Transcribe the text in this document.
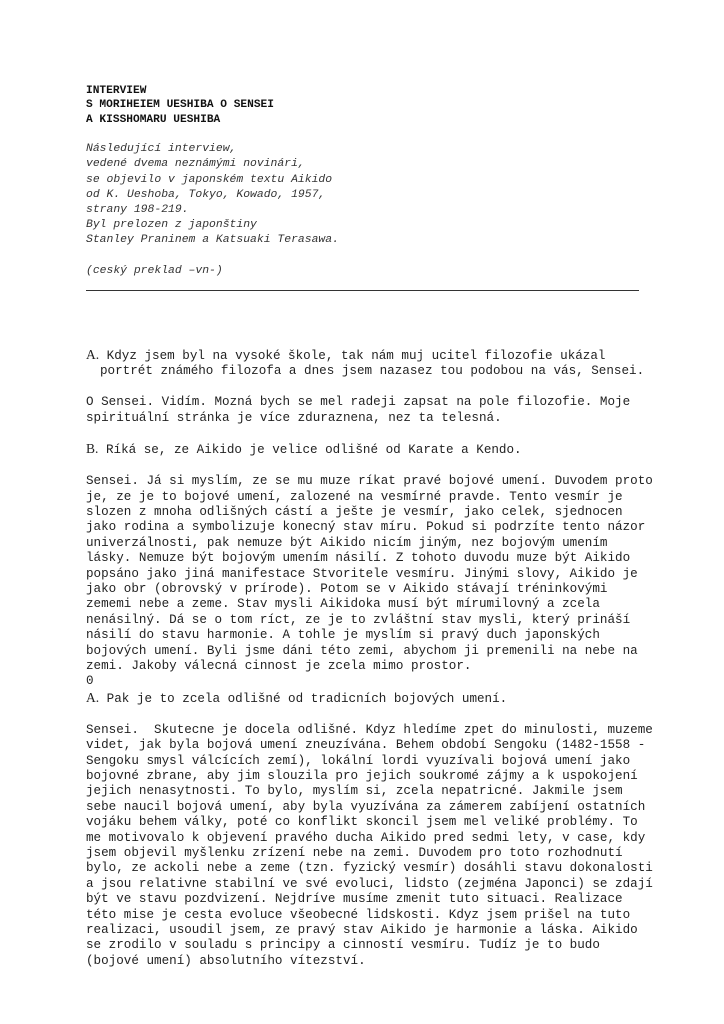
INTERVIEW
S MORIHEIEM UESHIBA O SENSEI
A KISSHOMARU UESHIBA
Následující interview,
vedené dvema neznámými novinári,
se objevilo v japonském textu Aikido
od K. Ueshoba, Tokyo, Kowado, 1957,
strany 198-219.
Byl prelozen z japonštiny
Stanley Praninem a Katsuaki Terasawa.
(ceský preklad –vn-)
A. Kdyz jsem byl na vysoké škole, tak nám muj ucitel filozofie ukázal
portrét známého filozofa a dnes jsem nazasez tou podobou na vás, Sensei.
O Sensei. Vidím. Mozná bych se mel radeji zapsat na pole filozofie. Moje
spirituální stránka je více zduraznena, nez ta telesná.
B. Ríká se, ze Aikido je velice odlišné od Karate a Kendo.
Sensei. Já si myslím, ze se mu muze ríkat pravé bojové umení. Duvodem proto
je, ze je to bojové umení, zalozené na vesmírné pravde. Tento vesmír je
slozen z mnoha odlišných cástí a ješte je vesmír, jako celek, sjednocen
jako rodina a symbolizuje konecný stav míru. Pokud si podrzíte tento názor
univerzálnosti, pak nemuze být Aikido nicím jiným, nez bojovým umením
lásky. Nemuze být bojovým umením násilí. Z tohoto duvodu muze být Aikido
popsáno jako jiná manifestace Stvoritele vesmíru. Jinými slovy, Aikido je
jako obr (obrovský v prírode). Potom se v Aikido stávají tréninkovými
zememi nebe a zeme. Stav mysli Aikidoka musí být mírumilovný a zcela
nenásilný. Dá se o tom ríct, ze je to zvláštní stav mysli, který prináší
násilí do stavu harmonie. A tohle je myslím si pravý duch japonských
bojových umení. Byli jsme dáni této zemi, abychom ji premenili na nebe na
zemi. Jakoby válecná cinnost je zcela mimo prostor.
0
A. Pak je to zcela odlišné od tradicních bojových umení.
Sensei.  Skutecne je docela odlišné. Kdyz hledíme zpet do minulosti, muzeme
videt, jak byla bojová umení zneuzívána. Behem období Sengoku (1482-1558 -
Sengoku smysl válcících zemí), lokální lordi vyuzívali bojová umení jako
bojovné zbrane, aby jim slouzila pro jejich soukromé zájmy a k uspokojení
jejich nenasytnosti. To bylo, myslím si, zcela nepatricné. Jakmile jsem
sebe naucil bojová umení, aby byla vyuzívána za zámerem zabíjení ostatních
vojáku behem války, poté co konflikt skoncil jsem mel veliké problémy. To
me motivovalo k objevení pravého ducha Aikido pred sedmi lety, v case, kdy
jsem objevil myšlenku zrízení nebe na zemi. Duvodem pro toto rozhodnutí
bylo, ze ackoli nebe a zeme (tzn. fyzický vesmír) dosáhli stavu dokonalosti
a jsou relativne stabilní ve své evoluci, lidsto (zejména Japonci) se zdají
být ve stavu pozdvizení. Nejdríve musíme zmenit tuto situaci. Realizace
této mise je cesta evoluce všeobecné lidskosti. Kdyz jsem prišel na tuto
realizaci, usoudil jsem, ze pravý stav Aikido je harmonie a láska. Aikido
se zrodilo v souladu s principy a cinností vesmíru. Tudíz je to budo
(bojové umení) absolutního vítezství.
